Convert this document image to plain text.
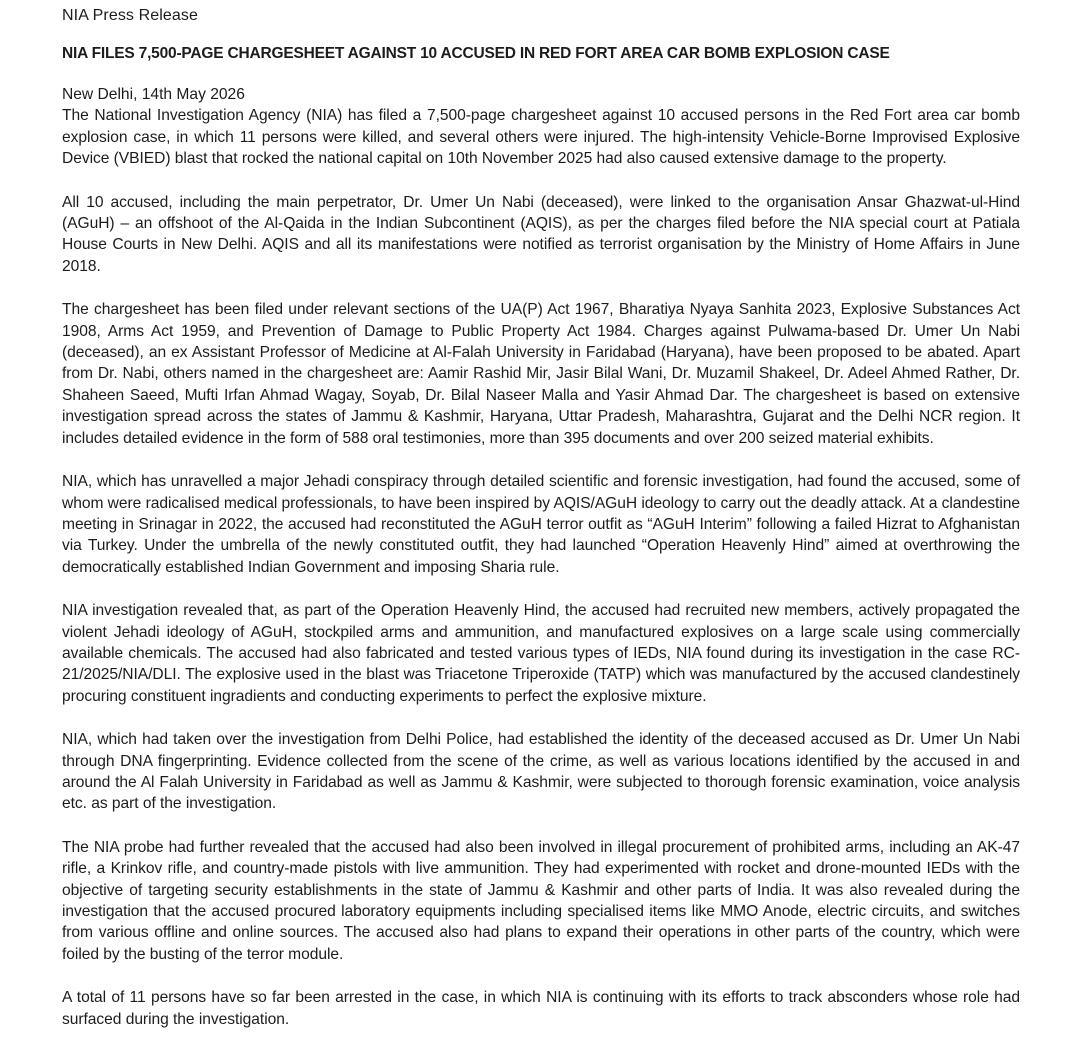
NIA Press Release

NIA FILES 7,500-PAGE CHARGESHEET AGAINST 10 ACCUSED IN RED FORT AREA CAR BOMB EXPLOSION CASE

New Delhi, 14th May 2026

The National Investigation Agency (NIA) has filed a 7,500-page chargesheet against 10 accused persons in the Red Fort area car bomb explosion case, in which 11 persons were killed, and several others were injured. The high-intensity Vehicle-Borne Improvised Explosive Device (VBIED) blast that rocked the national capital on 10th November 2025 had also caused extensive damage to the property.

All 10 accused, including the main perpetrator, Dr. Umer Un Nabi (deceased), were linked to the organisation Ansar Ghazwat-ul-Hind (AGuH) – an offshoot of the Al-Qaida in the Indian Subcontinent (AQIS), as per the charges filed before the NIA special court at Patiala House Courts in New Delhi. AQIS and all its manifestations were notified as terrorist organisation by the Ministry of Home Affairs in June 2018.

The chargesheet has been filed under relevant sections of the UA(P) Act 1967, Bharatiya Nyaya Sanhita 2023, Explosive Substances Act 1908, Arms Act 1959, and Prevention of Damage to Public Property Act 1984. Charges against Pulwama-based Dr. Umer Un Nabi (deceased), an ex Assistant Professor of Medicine at Al-Falah University in Faridabad (Haryana), have been proposed to be abated. Apart from Dr. Nabi, others named in the chargesheet are: Aamir Rashid Mir, Jasir Bilal Wani, Dr. Muzamil Shakeel, Dr. Adeel Ahmed Rather, Dr. Shaheen Saeed, Mufti Irfan Ahmad Wagay, Soyab, Dr. Bilal Naseer Malla and Yasir Ahmad Dar. The chargesheet is based on extensive investigation spread across the states of Jammu & Kashmir, Haryana, Uttar Pradesh, Maharashtra, Gujarat and the Delhi NCR region. It includes detailed evidence in the form of 588 oral testimonies, more than 395 documents and over 200 seized material exhibits.

NIA, which has unravelled a major Jehadi conspiracy through detailed scientific and forensic investigation, had found the accused, some of whom were radicalised medical professionals, to have been inspired by AQIS/AGuH ideology to carry out the deadly attack. At a clandestine meeting in Srinagar in 2022, the accused had reconstituted the AGuH terror outfit as “AGuH Interim” following a failed Hizrat to Afghanistan via Turkey. Under the umbrella of the newly constituted outfit, they had launched “Operation Heavenly Hind” aimed at overthrowing the democratically established Indian Government and imposing Sharia rule.

NIA investigation revealed that, as part of the Operation Heavenly Hind, the accused had recruited new members, actively propagated the violent Jehadi ideology of AGuH, stockpiled arms and ammunition, and manufactured explosives on a large scale using commercially available chemicals. The accused had also fabricated and tested various types of IEDs, NIA found during its investigation in the case RC-21/2025/NIA/DLI. The explosive used in the blast was Triacetone Triperoxide (TATP) which was manufactured by the accused clandestinely procuring constituent ingradients and conducting experiments to perfect the explosive mixture.

NIA, which had taken over the investigation from Delhi Police, had established the identity of the deceased accused as Dr. Umer Un Nabi through DNA fingerprinting. Evidence collected from the scene of the crime, as well as various locations identified by the accused in and around the Al Falah University in Faridabad as well as Jammu & Kashmir, were subjected to thorough forensic examination, voice analysis etc. as part of the investigation.

The NIA probe had further revealed that the accused had also been involved in illegal procurement of prohibited arms, including an AK-47 rifle, a Krinkov rifle, and country-made pistols with live ammunition. They had experimented with rocket and drone-mounted IEDs with the objective of targeting security establishments in the state of Jammu & Kashmir and other parts of India. It was also revealed during the investigation that the accused procured laboratory equipments including specialised items like MMO Anode, electric circuits, and switches from various offline and online sources. The accused also had plans to expand their operations in other parts of the country, which were foiled by the busting of the terror module.

A total of 11 persons have so far been arrested in the case, in which NIA is continuing with its efforts to track absconders whose role had surfaced during the investigation.
